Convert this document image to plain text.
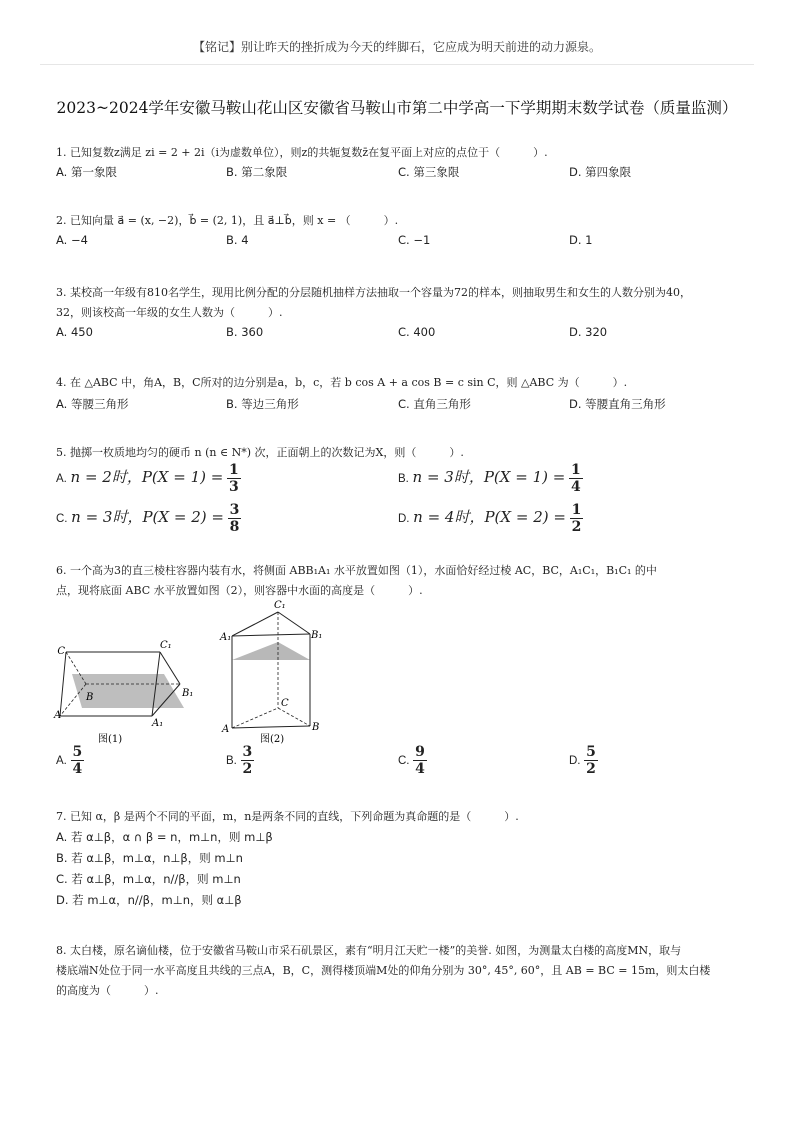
【铭记】别让昨天的挫折成为今天的绊脚石，它应成为明天前进的动力源泉。
2023~2024学年安徽马鞍山花山区安徽省马鞍山市第二中学高一下学期期末数学试卷（质量监测）
1. 已知复数z满足 zi = 2 + 2i（i为虚数单位），则z的共轭复数z̄在复平面上对应的点位于（　　　）.
A. 第一象限	B. 第二象限	C. 第三象限	D. 第四象限
2. 已知向量 a⃗ = (x, −2)，b⃗ = (2, 1)，且 a⃗⊥b⃗，则 x = （　　　）.
A. −4	B. 4	C. −1	D. 1
3. 某校高一年级有810名学生，现用比例分配的分层随机抽样方法抽取一个容量为72的样本，则抽取男生和女生的人数分别为40，
32，则该校高一年级的女生人数为（　　　）.
A. 450	B. 360	C. 400	D. 320
4. 在 △ABC 中，角A，B，C所对的边分别是a，b，c，若 b cos A + a cos B = c sin C，则 △ABC 为（　　　）.
A. 等腰三角形	B. 等边三角形	C. 直角三角形	D. 等腰直角三角形
5. 抛掷一枚质地均匀的硬币 n (n ∈ N*) 次，正面朝上的次数记为X，则（　　　）.
A. n = 2时，$P(X = 1) = \frac{1}{3}$	B. n = 3时，$P(X = 1) = \frac{1}{4}$
C. n = 3时，$P(X = 2) = \frac{3}{8}$	D. n = 4时，$P(X = 2) = \frac{1}{2}$
6. 一个高为3的直三棱柱容器内装有水，将侧面 ABB₁A₁ 水平放置如图（1），水面恰好经过棱 AC，BC，A₁C₁，B₁C₁ 的中
点，现将底面 ABC 水平放置如图（2），则容器中水面的高度是（　　　）.
C
C₁
B	B₁
A
A₁
图(1)
C₁
A₁	B₁
C
A	B
图(2)
A. $\frac{5}{4}$	B. $\frac{3}{2}$	C. $\frac{9}{4}$	D. $\frac{5}{2}$
7. 已知 α，β 是两个不同的平面，m，n是两条不同的直线，下列命题为真命题的是（　　　）.
A. 若 α⊥β，α ∩ β = n，m⊥n，则 m⊥β
B. 若 α⊥β，m⊥α，n⊥β，则 m⊥n
C. 若 α⊥β，m⊥α，n//β，则 m⊥n
D. 若 m⊥α，n//β，m⊥n，则 α⊥β
8. 太白楼，原名谪仙楼，位于安徽省马鞍山市采石矶景区，素有“明月江天贮一楼”的美誉. 如图，为测量太白楼的高度MN，取与
楼底端N处位于同一水平高度且共线的三点A，B，C，测得楼顶端M处的仰角分别为 30°, 45°, 60°，且 AB = BC = 15m，则太白楼
的高度为（　　　）.
